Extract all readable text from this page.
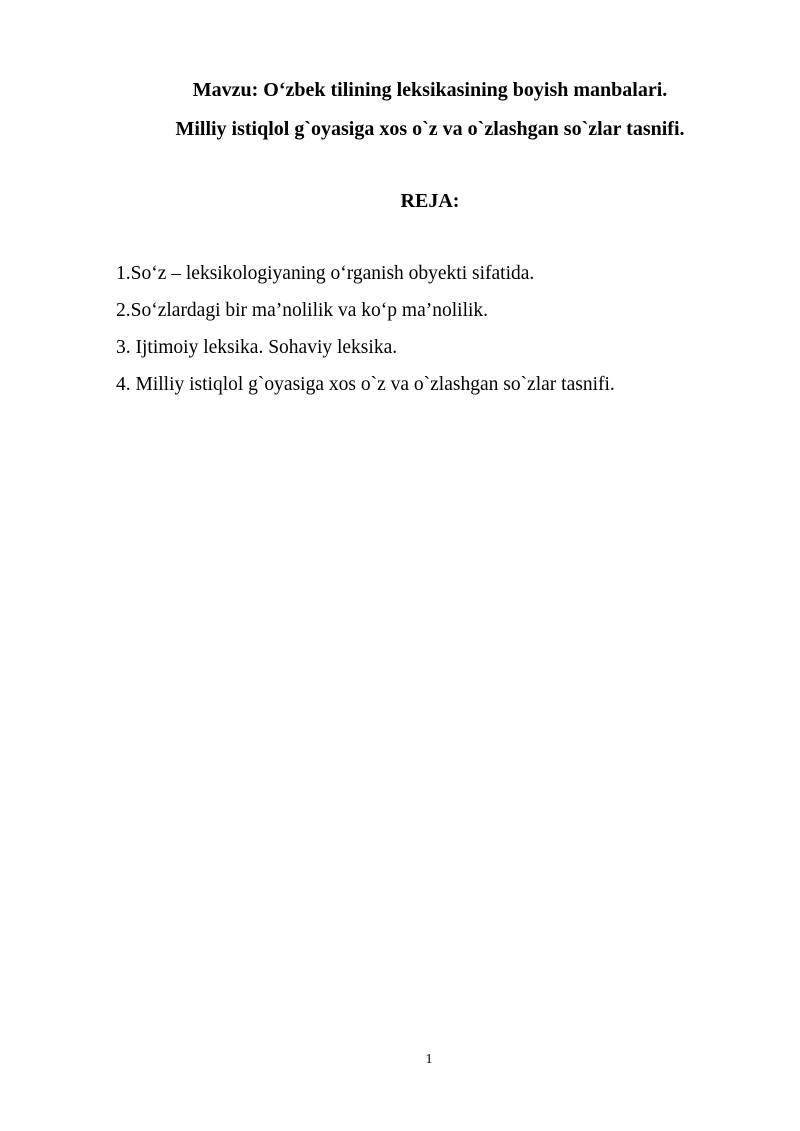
Mavzu: O‘zbek tilining leksikasining boyish manbalari.
Milliy istiqlol g`oyasiga xos o`z va o`zlashgan so`zlar tasnifi.
REJA:
1.So‘z – leksikologiyaning o‘rganish obyekti sifatida.
2.So‘zlardagi bir ma’nolilik va ko‘p ma’nolilik.
3. Ijtimoiy leksika. Sohaviy leksika.
4. Milliy istiqlol g`oyasiga xos o`z va o`zlashgan so`zlar tasnifi.
1
